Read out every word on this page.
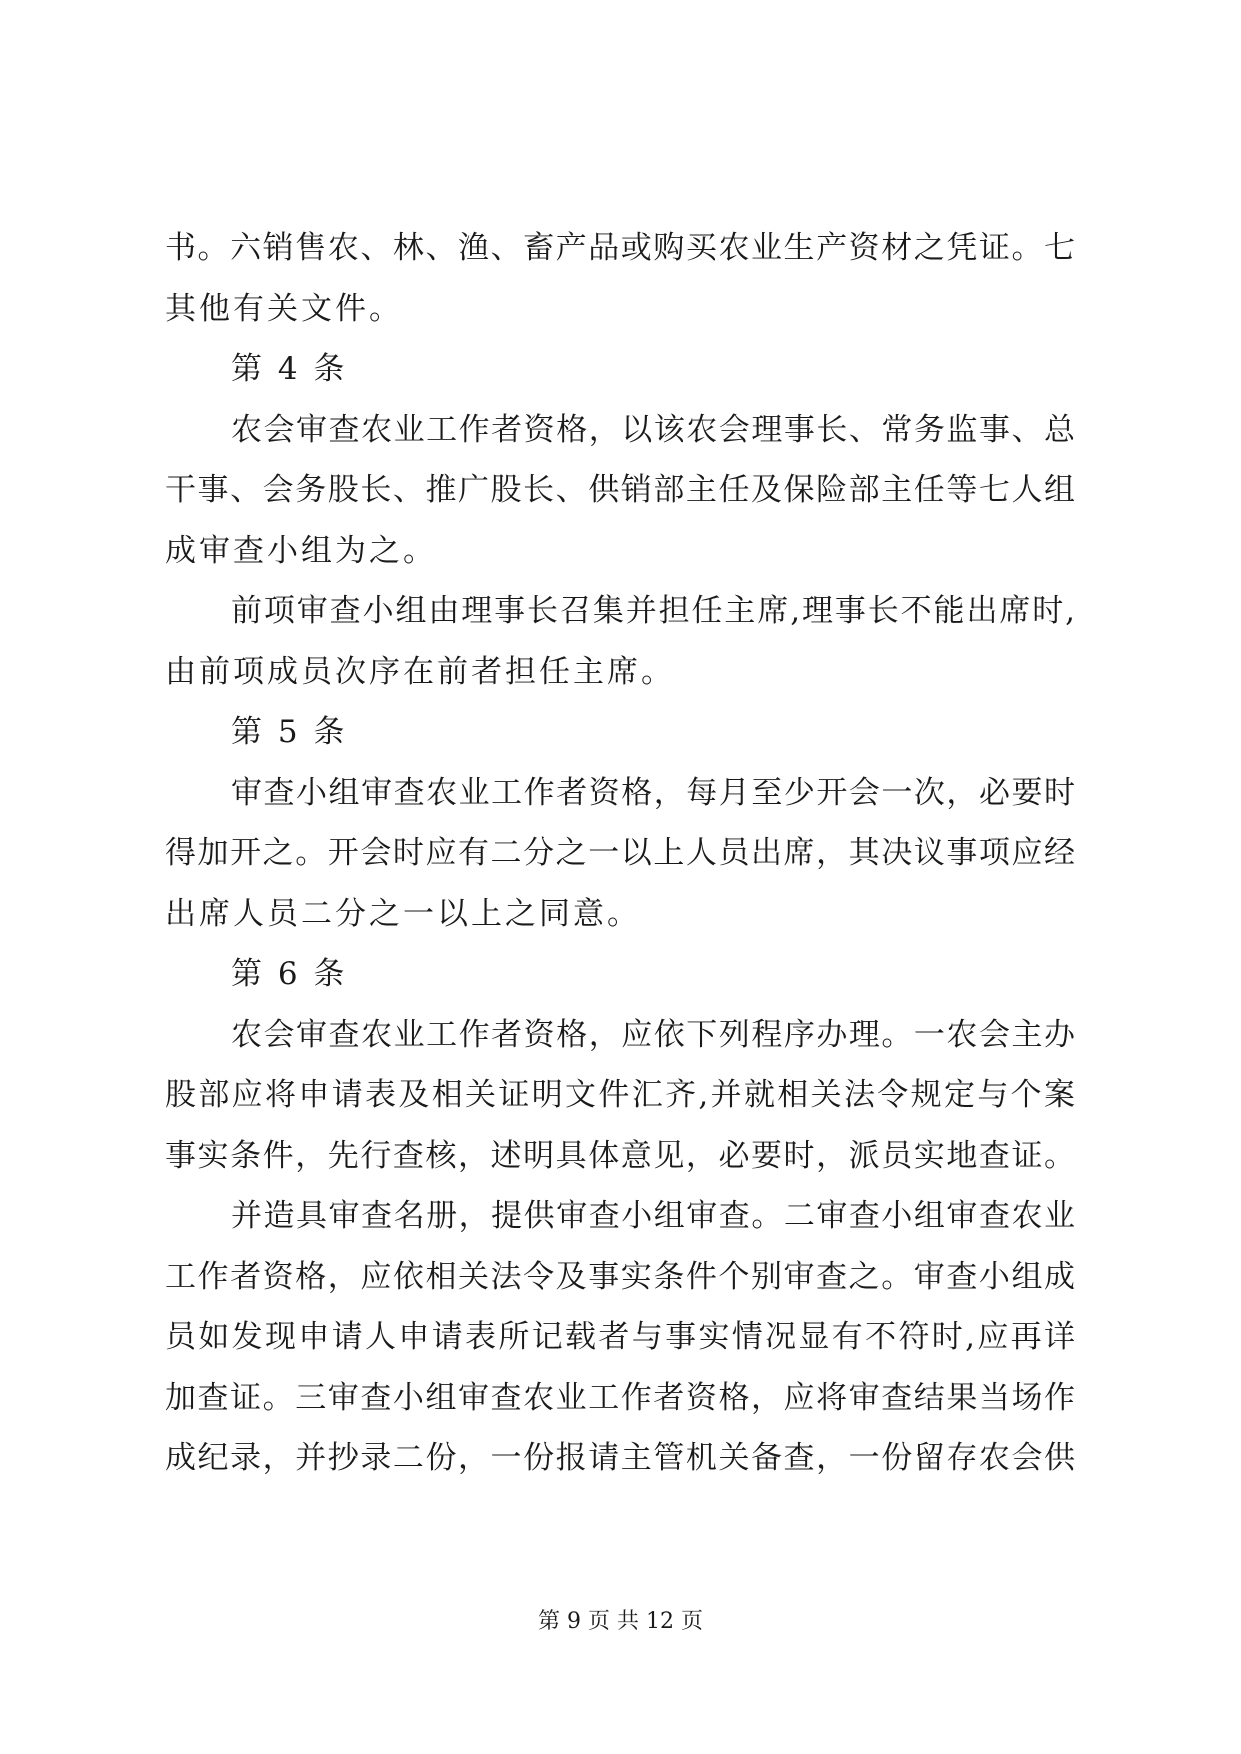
书。六销售农、林、渔、畜产品或购买农业生产资材之凭证。七
其他有关文件。
第 4 条
农会审查农业工作者资格，以该农会理事长、常务监事、总
干事、会务股长、推广股长、供销部主任及保险部主任等七人组
成审查小组为之。
前项审查小组由理事长召集并担任主席,理事长不能出席时,
由前项成员次序在前者担任主席。
第 5 条
审查小组审查农业工作者资格，每月至少开会一次，必要时
得加开之。开会时应有二分之一以上人员出席，其决议事项应经
出席人员二分之一以上之同意。
第 6 条
农会审查农业工作者资格，应依下列程序办理。一农会主办
股部应将申请表及相关证明文件汇齐,并就相关法令规定与个案
事实条件，先行查核，述明具体意见，必要时，派员实地查证。
并造具审查名册，提供审查小组审查。二审查小组审查农业
工作者资格，应依相关法令及事实条件个别审查之。审查小组成
员如发现申请人申请表所记载者与事实情况显有不符时,应再详
加查证。三审查小组审查农业工作者资格，应将审查结果当场作
成纪录，并抄录二份，一份报请主管机关备查，一份留存农会供
第 9 页 共 12 页
